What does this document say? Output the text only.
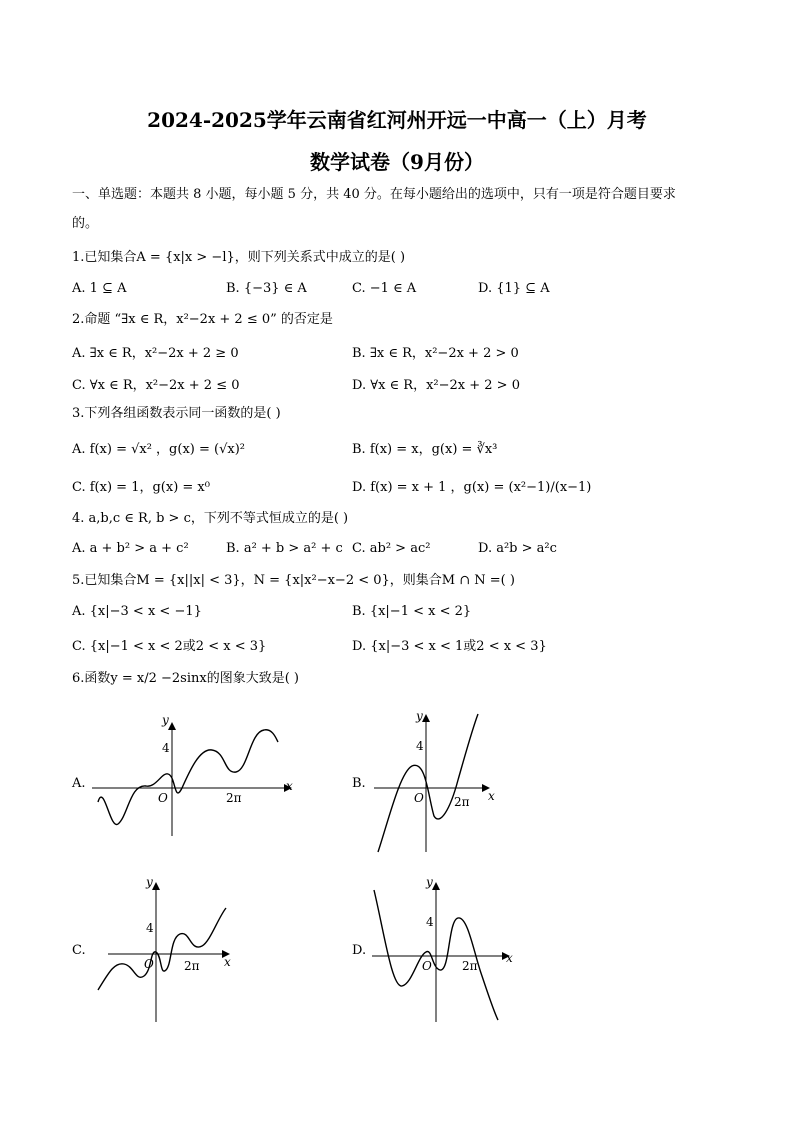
2024-2025学年云南省红河州开远一中高一（上）月考
数学试卷（9月份）
一、单选题：本题共 8 小题，每小题 5 分，共 40 分。在每小题给出的选项中，只有一项是符合题目要求
的。
1.已知集合A = {x|x > −l}，则下列关系式中成立的是( )
A. 1 ⊆ A	B. {−3} ∈ A	C. −1 ∈ A	D. {1} ⊆ A
2.命题 “∃x ∈ R，x²−2x + 2 ≤ 0” 的否定是
A. ∃x ∈ R，x²−2x + 2 ≥ 0	B. ∃x ∈ R，x²−2x + 2 > 0
C. ∀x ∈ R，x²−2x + 2 ≤ 0	D. ∀x ∈ R，x²−2x + 2 > 0
3.下列各组函数表示同一函数的是( )
A. f(x) = √x² ，g(x) = (√x)²	B. f(x) = x，g(x) = ∛x³
C. f(x) = 1，g(x) = x⁰	D. f(x) = x + 1 ，g(x) = (x²−1)/(x−1)
4. a,b,c ∈ R, b > c，下列不等式恒成立的是( )
A. a + b² > a + c²	B. a² + b > a² + c C. ab² > ac²	D. a²b > a²c
5.已知集合M = {x||x| < 3}，N = {x|x²−x−2 < 0}，则集合M ∩ N =( )
A. {x|−3 < x < −1}	B. {x|−1 < x < 2}
C. {x|−1 < x < 2或2 < x < 3}	D. {x|−3 < x < 1或2 < x < 3}
6.函数y = x/2 −2sinx的图象大致是( )
A.
y
4
O	2π
x	B.
y
4
O	2π x
C.
y
4
O	2π x
D.
y
4
O	2π
x
